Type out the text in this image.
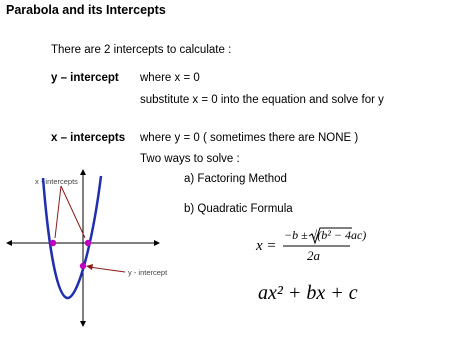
Parabola and its Intercepts
There are 2 intercepts to calculate :
y – intercept where x = 0
substitute x = 0 into the equation and solve for y
x – intercepts where y = 0 ( sometimes there are NONE )
Two ways to solve :
a) Factoring Method
b) Quadratic Formula
x - intercepts
y - intercept
x =
−b ± √(b² − 4ac)
2a
ax² + bx + c
